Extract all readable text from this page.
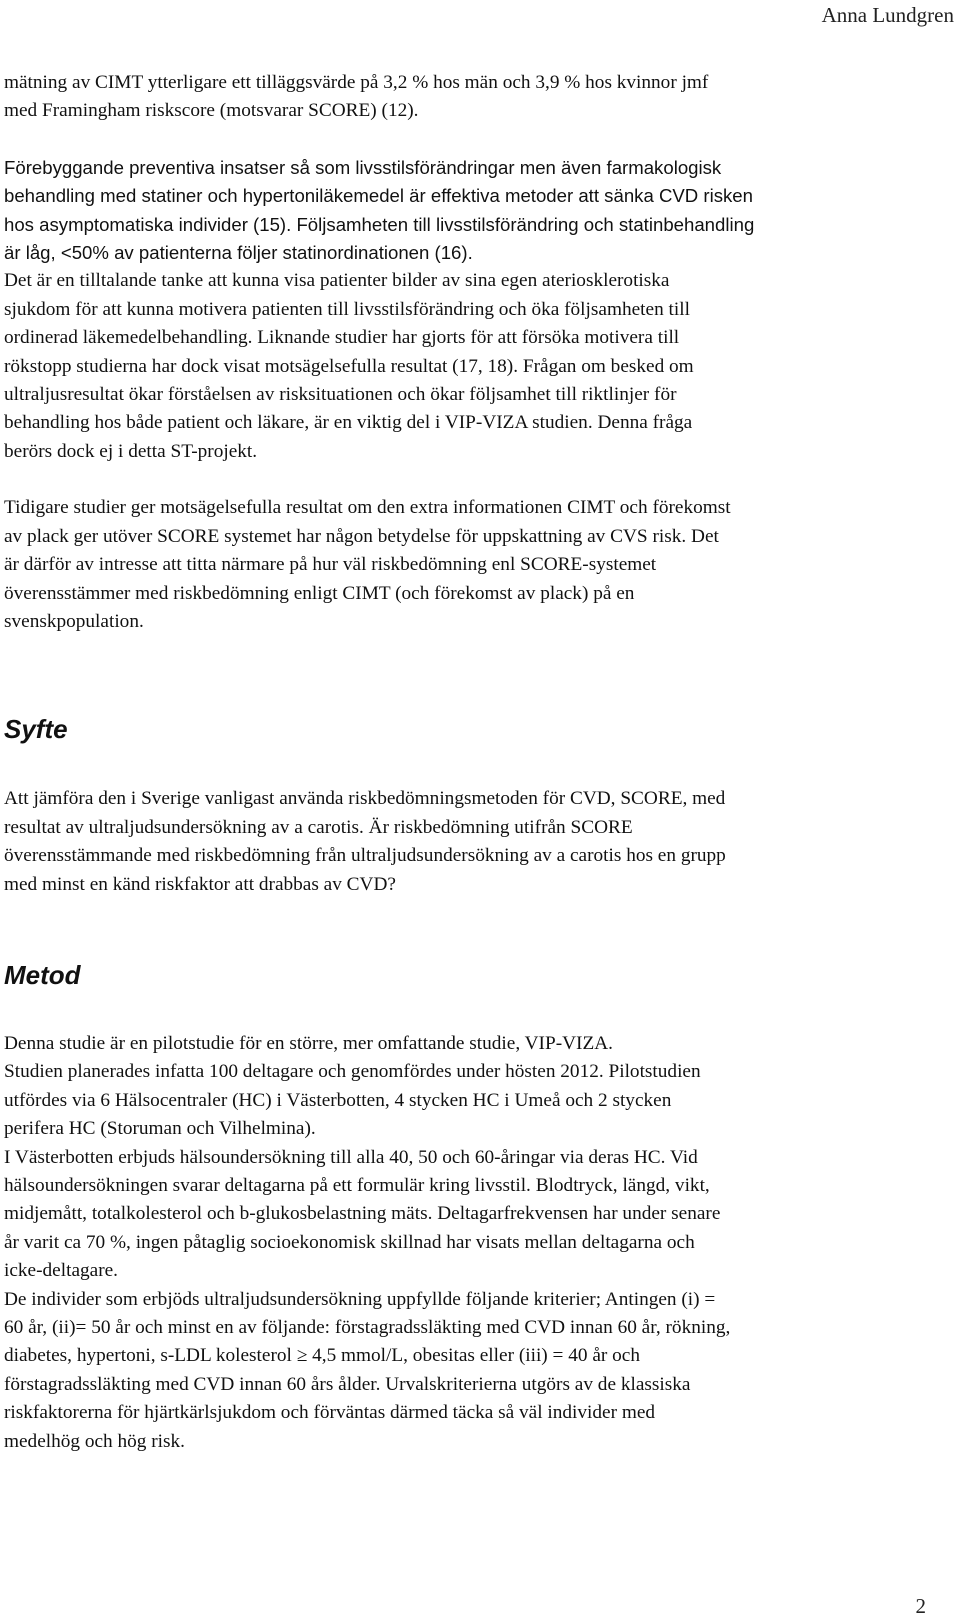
Anna Lundgren

mätning av CIMT ytterligare ett tilläggsvärde på 3,2 % hos män och 3,9 % hos kvinnor jmf
med Framingham riskscore (motsvarar SCORE) (12).

Förebyggande preventiva insatser så som livsstilsförändringar men även farmakologisk
behandling med statiner och hypertoniläkemedel är effektiva metoder att sänka CVD risken
hos asymptomatiska individer (15). Följsamheten till livsstilsförändring och statinbehandling
är låg, <50% av patienterna följer statinordinationen (16).
Det är en tilltalande tanke att kunna visa patienter bilder av sina egen ateriosklerotiska
sjukdom för att kunna motivera patienten till livsstilsförändring och öka följsamheten till
ordinerad läkemedelbehandling. Liknande studier har gjorts för att försöka motivera till
rökstopp studierna har dock visat motsägelsefulla resultat (17, 18). Frågan om besked om
ultraljusresultat ökar förståelsen av risksituationen och ökar följsamhet till riktlinjer för
behandling hos både patient och läkare, är en viktig del i VIP-VIZA studien. Denna fråga
berörs dock ej i detta ST-projekt.

Tidigare studier ger motsägelsefulla resultat om den extra informationen CIMT och förekomst
av plack ger utöver SCORE systemet har någon betydelse för uppskattning av CVS risk. Det
är därför av intresse att titta närmare på hur väl riskbedömning enl SCORE-systemet
överensstämmer med riskbedömning enligt CIMT (och förekomst av plack) på en
svenskpopulation.

Syfte

Att jämföra den i Sverige vanligast använda riskbedömningsmetoden för CVD, SCORE, med
resultat av ultraljudsundersökning av a carotis. Är riskbedömning utifrån SCORE
överensstämmande med riskbedömning från ultraljudsundersökning av a carotis hos en grupp
med minst en känd riskfaktor att drabbas av CVD?

Metod

Denna studie är en pilotstudie för en större, mer omfattande studie, VIP-VIZA.
Studien planerades infatta 100 deltagare och genomfördes under hösten 2012. Pilotstudien
utfördes via 6 Hälsocentraler (HC) i Västerbotten, 4 stycken HC i Umeå och 2 stycken
perifera HC (Storuman och Vilhelmina).
I Västerbotten erbjuds hälsoundersökning till alla 40, 50 och 60-åringar via deras HC. Vid
hälsoundersökningen svarar deltagarna på ett formulär kring livsstil. Blodtryck, längd, vikt,
midjemått, totalkolesterol och b-glukosbelastning mäts. Deltagarfrekvensen har under senare
år varit ca 70 %, ingen påtaglig socioekonomisk skillnad har visats mellan deltagarna och
icke-deltagare.
De individer som erbjöds ultraljudsundersökning uppfyllde följande kriterier; Antingen (i) =
60 år, (ii)= 50 år och minst en av följande: förstagradssläkting med CVD innan 60 år, rökning,
diabetes, hypertoni, s-LDL kolesterol ≥ 4,5 mmol/L, obesitas eller (iii) = 40 år och
förstagradssläkting med CVD innan 60 års ålder. Urvalskriterierna utgörs av de klassiska
riskfaktorerna för hjärtkärlsjukdom och förväntas därmed täcka så väl individer med
medelhög och hög risk.

2
